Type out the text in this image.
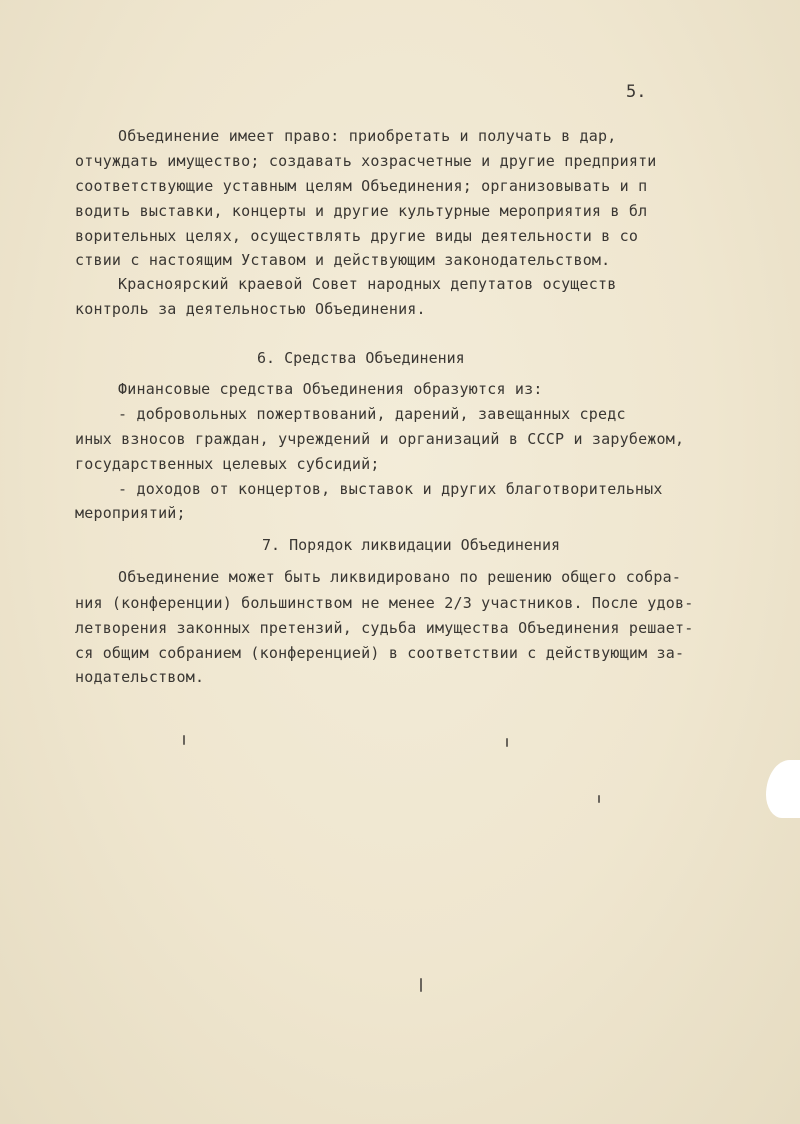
5.
Объединение имеет право: приобретать и получать в дар,
отчуждать имущество; создавать хозрасчетные и другие предприяти
соответствующие уставным целям Объединения; организовывать и п
водить выставки, концерты и другие культурные мероприятия в бл
ворительных целях, осуществлять другие виды деятельности в со
ствии с настоящим Уставом и действующим законодательством.
Красноярский краевой Совет народных депутатов осуществ
контроль за деятельностью Объединения.
6. Средства Объединения
Финансовые средства Объединения образуются из:
- добровольных пожертвований, дарений, завещанных средс
иных взносов граждан, учреждений и организаций в СССР и зарубежом,
государственных целевых субсидий;
- доходов от концертов, выставок и других благотворительных
мероприятий;
7. Порядок ликвидации Объединения
Объединение может быть ликвидировано по решению общего собра-
ния (конференции) большинством не менее 2/3 участников. После удов-
летворения законных претензий, судьба имущества Объединения решает-
ся общим собранием (конференцией) в соответствии с действующим за-
нодательством.
